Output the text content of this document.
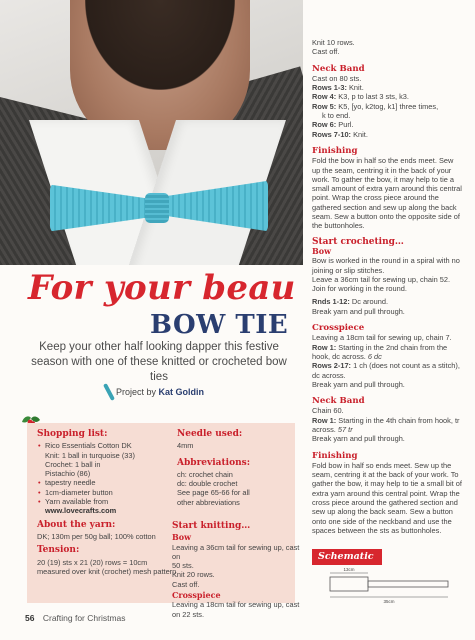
For your beau
BOW TIE
Keep your other half looking dapper this festive season with one of these knitted or crocheted bow ties
Project by Kat Goldin
Shopping list:
• Rico Essentials Cotton DK
Knit: 1 ball in turquoise (33)
Crochet: 1 ball in
Pistachio (86)
• tapestry needle
• 1cm-diameter button
• Yarn available from
www.lovecrafts.com
About the yarn:
DK; 130m per 50g ball; 100% cotton
Tension:
20 (19) sts x 21 (20) rows = 10cm measured over knit (crochet) mesh pattern
Needle used:
4mm
Abbreviations:
ch: crochet chain
dc: double crochet
See page 65-66 for all
other abbreviations
Start knitting…
Bow
Leaving a 36cm tail for sewing up, cast on
50 sts.
Knit 20 rows.
Cast off.
Crosspiece
Leaving a 18cm tail for sewing up, cast on 22 sts.
Knit 10 rows.
Cast off.
Neck Band
Cast on 80 sts.
Rows 1-3: Knit.
Row 4: K3, p to last 3 sts, k3.
Row 5: K5, [yo, k2tog, k1] three times,
k to end.
Row 6: Purl.
Rows 7-10: Knit.
Finishing
Fold the bow in half so the ends meet. Sew up the seam, centring it in the back of your work. To gather the bow, it may help to tie a small amount of extra yarn around this central point. Wrap the cross piece around the gathered section and sew up along the back seam. Sew a button onto the opposite side of the buttonholes.
Start crocheting…
Bow
Bow is worked in the round in a spiral with no joining or slip stitches.
Leave a 36cm tail for sewing up, chain 52. Join for working in the round.
Rnds 1-12: Dc around.
Break yarn and pull through.
Crosspiece
Leaving a 18cm tail for sewing up, chain 7.
Row 1: Starting in the 2nd chain from the hook, dc across. 6 dc
Rows 2-17: 1 ch (does not count as a stitch), dc across.
Break yarn and pull through.
Neck Band
Chain 60.
Row 1: Starting in the 4th chain from hook, tr across. 57 tr
Break yarn and pull through.
Finishing
Fold bow in half so ends meet. Sew up the seam, centring it at the back of your work. To gather the bow, it may help to tie a small bit of extra yarn around this central point. Wrap the cross piece around the gathered section and sew up along the back seam. Sew a button onto one side of the neckband and use the spaces between the sts as buttonholes.
Schematic
13cm
35cm
56 Crafting for Christmas
